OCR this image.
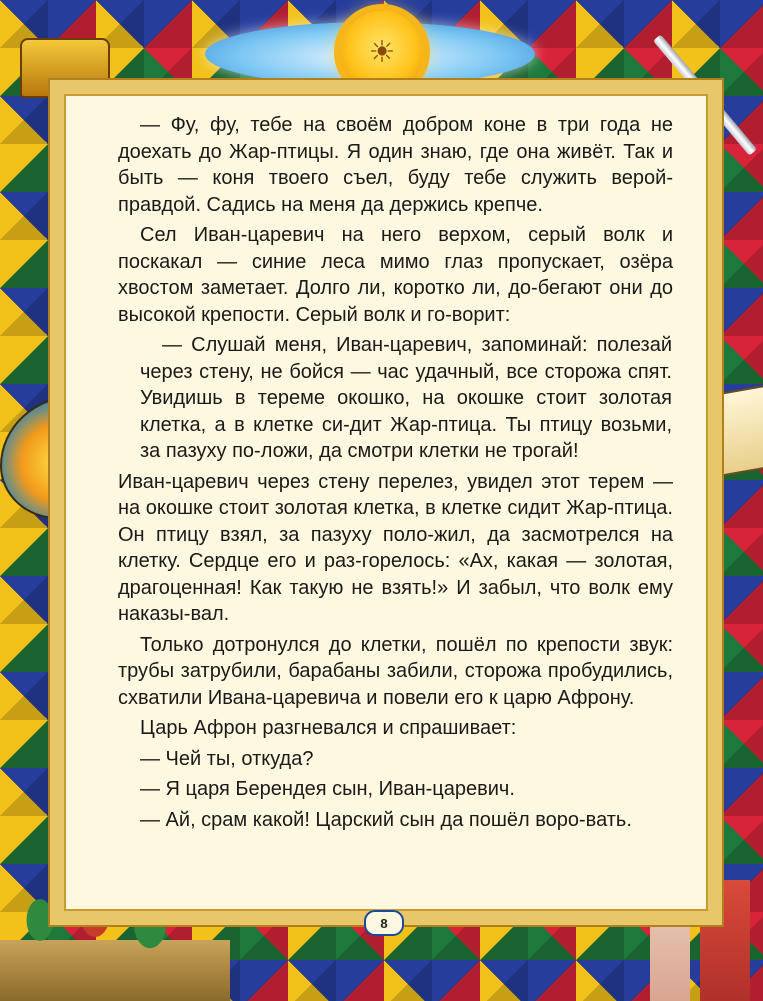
☀

— Фу, фу, тебе на своём добром коне в три года не доехать до Жар-птицы. Я один знаю, где она живёт. Так и быть — коня твоего съел, буду тебе служить верой-правдой. Садись на меня да держись крепче.

Сел Иван-царевич на него верхом, серый волк и поскакал — синие леса мимо глаз пропускает, озёра хвостом заметает. Долго ли, коротко ли, до-бегают они до высокой крепости. Серый волк и го-ворит:

— Слушай меня, Иван-царевич, запоминай: полезай через стену, не бойся — час удачный, все сторожа спят. Увидишь в тереме окошко, на окошке стоит золотая клетка, а в клетке си-дит Жар-птица. Ты птицу возьми, за пазуху по-ложи, да смотри клетки не трогай!

Иван-царевич через стену перелез, увидел этот терем — на окошке стоит золотая клетка, в клетке сидит Жар-птица. Он птицу взял, за пазуху поло-жил, да засмотрелся на клетку. Сердце его и раз-горелось: «Ах, какая — золотая, драгоценная! Как такую не взять!» И забыл, что волк ему наказы-вал.

Только дотронулся до клетки, пошёл по крепости звук: трубы затрубили, барабаны забили, сторожа пробудились, схватили Ивана-царевича и повели его к царю Афрону.

Царь Афрон разгневался и спрашивает:

— Чей ты, откуда?

— Я царя Берендея сын, Иван-царевич.

— Ай, срам какой! Царский сын да пошёл воро-вать.

8
